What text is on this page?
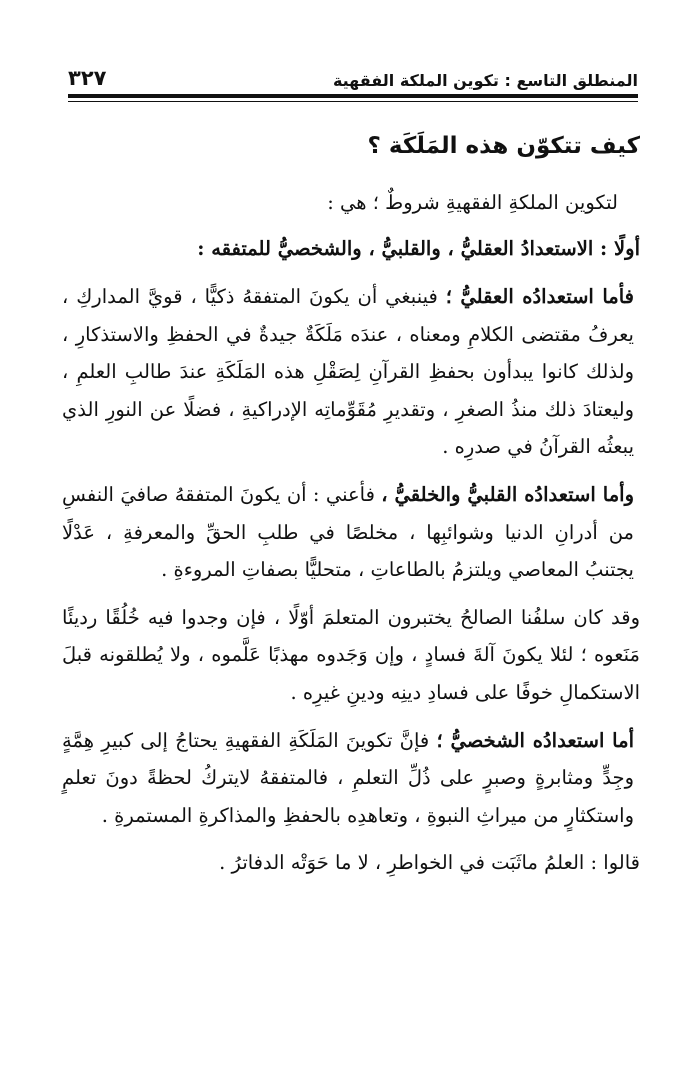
المنطلق التاسع : تكوين الملكة الفقهية
٣٢٧
كيف تتكوّن هذه المَلَكَة ؟
لتكوين الملكةِ الفقهيةِ شروطٌ ؛ هي :
أولًا : الاستعدادُ العقليُّ ، والقلبيُّ ، والشخصيُّ للمتفقه :

فأما استعدادُه العقليُّ ؛ فينبغي أن يكونَ المتفقهُ ذكيًّا ، قويَّ المداركِ ، يعرفُ مقتضى الكلامِ ومعناه ، عندَه مَلَكَةٌ جيدةٌ في الحفظِ والاستذكارِ ، ولذلك كانوا يبدأون بحفظِ القرآنِ لِصَقْلِ هذه المَلَكَةِ عندَ طالبِ العلمِ ، وليعتادَ ذلك منذُ الصغرِ ، وتقديرِ مُقَوِّماتِه الإدراكيةِ ، فضلًا عن النورِ الذي يبعثُه القرآنُ في صدرِه .

وأما استعدادُه القلبيُّ والخلقيُّ ، فأعني : أن يكونَ المتفقهُ صافيَ النفسِ من أدرانِ الدنيا وشوائبِها ، مخلصًا في طلبِ الحقِّ والمعرفةِ ، عَدْلًا يجتنبُ المعاصي ويلتزمُ بالطاعاتِ ، متحليًّا بصفاتِ المروءةِ .

وقد كان سلفُنا الصالحُ يختبرون المتعلمَ أوّلًا ، فإن وجدوا فيه خُلُقًا رديئًا مَنَعوه ؛ لئلا يكونَ آلةَ فسادٍ ، وإن وَجَدوه مهذبًا عَلَّموه ، ولا يُطلقونه قبلَ الاستكمالِ خوفًا على فسادِ دينِه ودينِ غيرِه .

أما استعدادُه الشخصيُّ ؛ فإنَّ تكوينَ المَلَكَةِ الفقهيةِ يحتاجُ إلى كبيرِ هِمَّةٍ وجِدٍّ ومثابرةٍ وصبرٍ على ذُلِّ التعلمِ ، فالمتفقهُ لايتركُ لحظةً دونَ تعلمٍ واستكثارٍ من ميراثِ النبوةِ ، وتعاهدِه بالحفظِ والمذاكرةِ المستمرةِ .

قالوا : العلمُ ماثَبَت في الخواطرِ ، لا ما حَوَتْه الدفاترُ .
